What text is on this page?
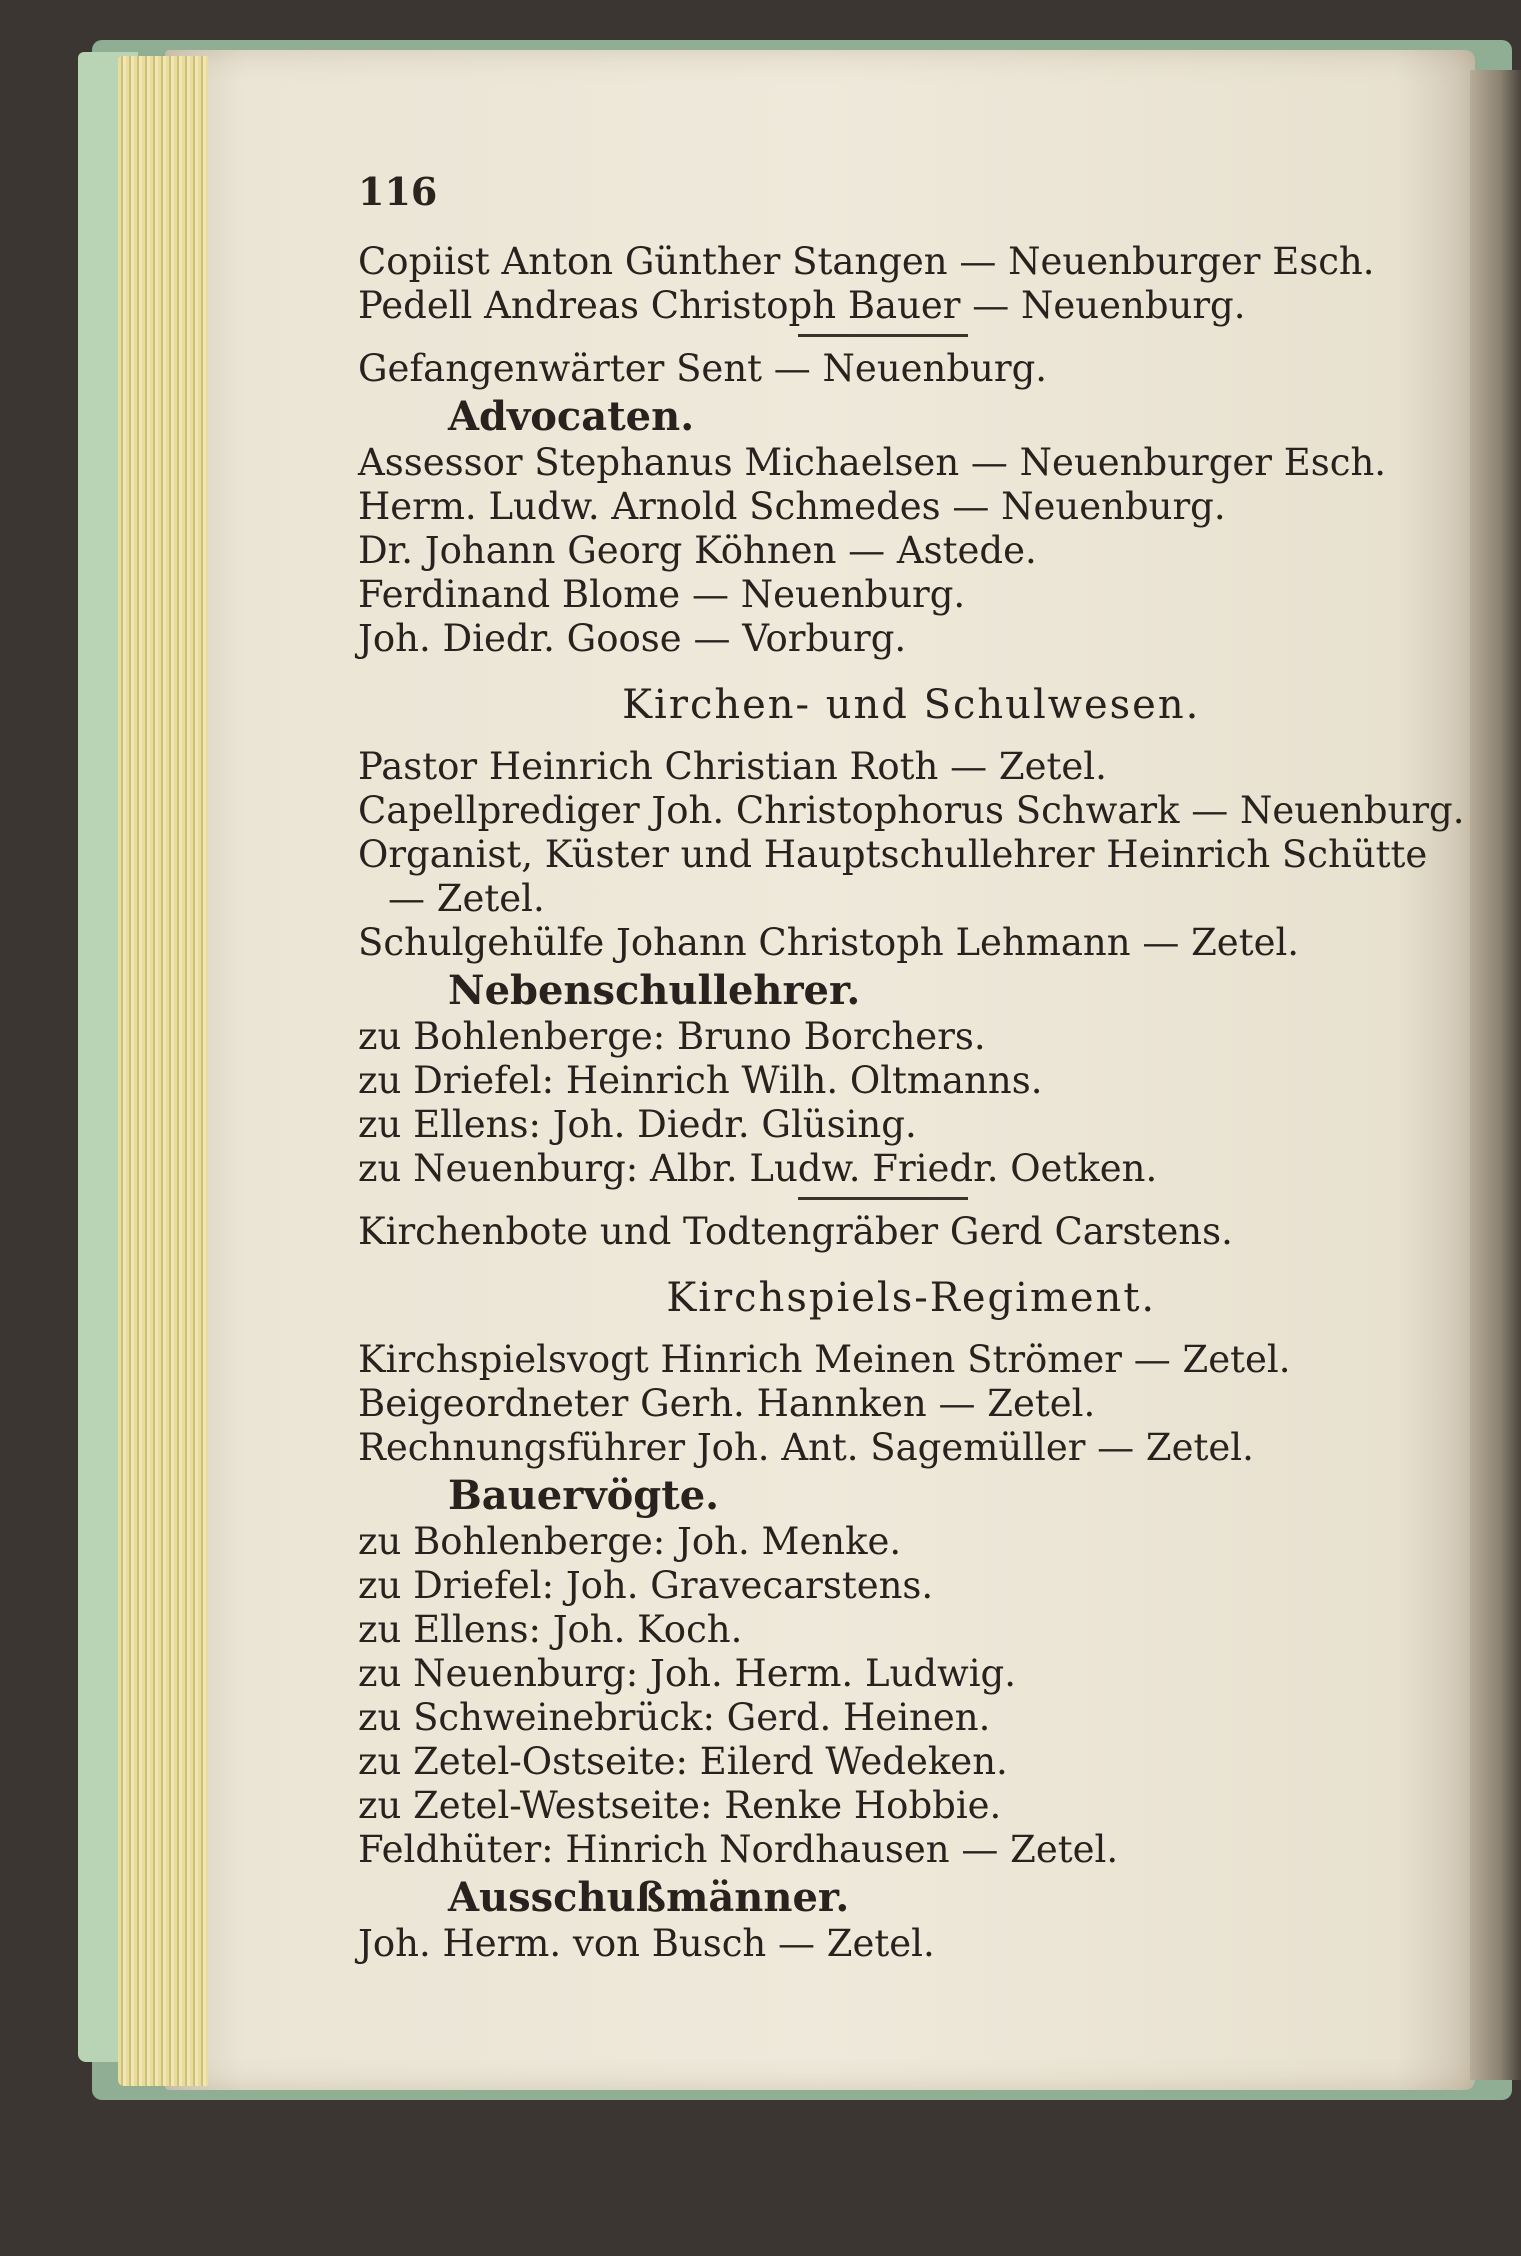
116
Copiist Anton Günther Stangen — Neuenburger Esch.
Pedell Andreas Christoph Bauer — Neuenburg.
Gefangenwärter Sent — Neuenburg.
Advocaten.
Assessor Stephanus Michaelsen — Neuenburger Esch.
Herm. Ludw. Arnold Schmedes — Neuenburg.
Dr. Johann Georg Köhnen — Astede.
Ferdinand Blome — Neuenburg.
Joh. Diedr. Goose — Vorburg.
Kirchen- und Schulwesen.
Pastor Heinrich Christian Roth — Zetel.
Capellprediger Joh. Christophorus Schwark — Neuenburg.
Organist, Küster und Hauptschullehrer Heinrich Schütte
— Zetel.
Schulgehülfe Johann Christoph Lehmann — Zetel.
Nebenschullehrer.
zu Bohlenberge: Bruno Borchers.
zu Driefel: Heinrich Wilh. Oltmanns.
zu Ellens: Joh. Diedr. Glüsing.
zu Neuenburg: Albr. Ludw. Friedr. Oetken.
Kirchenbote und Todtengräber Gerd Carstens.
Kirchspiels-Regiment.
Kirchspielsvogt Hinrich Meinen Strömer — Zetel.
Beigeordneter Gerh. Hannken — Zetel.
Rechnungsführer Joh. Ant. Sagemüller — Zetel.
Bauervögte.
zu Bohlenberge: Joh. Menke.
zu Driefel: Joh. Gravecarstens.
zu Ellens: Joh. Koch.
zu Neuenburg: Joh. Herm. Ludwig.
zu Schweinebrück: Gerd. Heinen.
zu Zetel-Ostseite: Eilerd Wedeken.
zu Zetel-Westseite: Renke Hobbie.
Feldhüter: Hinrich Nordhausen — Zetel.
Ausschußmänner.
Joh. Herm. von Busch — Zetel.
